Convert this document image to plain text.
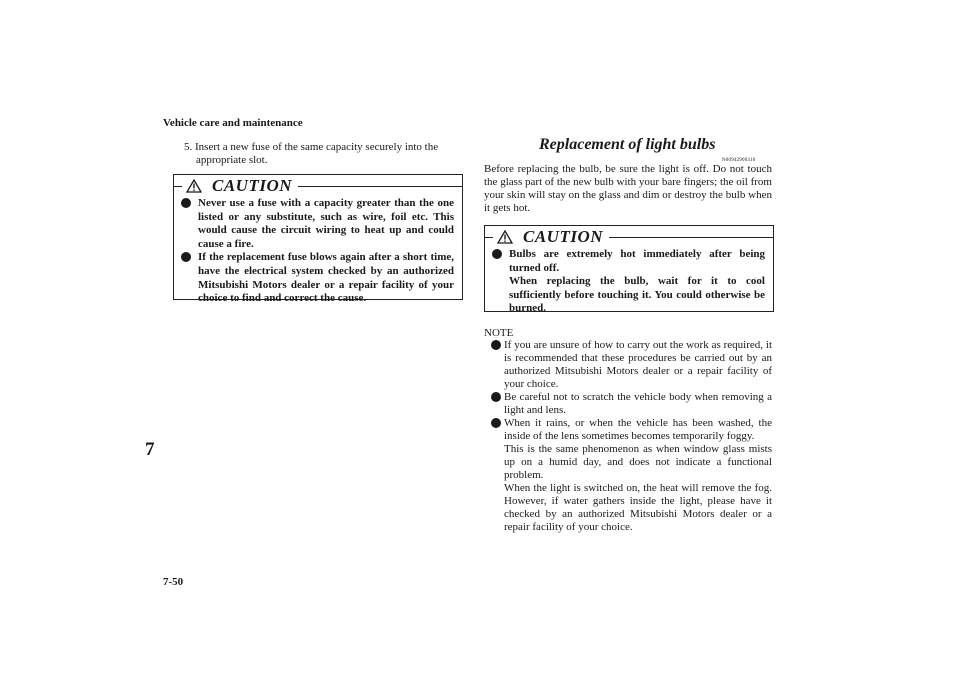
Vehicle care and maintenance
7
7-50
5. Insert a new fuse of the same capacity securely into the
appropriate slot.
CAUTION
Never use a fuse with a capacity greater than the one listed or any substitute, such as wire, foil etc. This would cause the circuit wiring to heat up and could cause a fire.
If the replacement fuse blows again after a short time, have the electrical system checked by an authorized Mitsubishi Motors dealer or a repair facility of your choice to find and correct the cause.
Replacement of light bulbs
N00942900310
Before replacing the bulb, be sure the light is off. Do not touch the glass part of the new bulb with your bare fingers; the oil from your skin will stay on the glass and dim or destroy the bulb when it gets hot.
CAUTION
Bulbs are extremely hot immediately after being turned off.
When replacing the bulb, wait for it to cool sufficiently before touching it. You could otherwise be burned.
NOTE
If you are unsure of how to carry out the work as required, it is recommended that these procedures be carried out by an authorized Mitsubishi Motors dealer or a repair facility of your choice.
Be careful not to scratch the vehicle body when removing a light and lens.
When it rains, or when the vehicle has been washed, the inside of the lens sometimes becomes temporarily foggy.
This is the same phenomenon as when window glass mists up on a humid day, and does not indicate a functional problem.
When the light is switched on, the heat will remove the fog. However, if water gathers inside the light, please have it checked by an authorized Mitsubishi Motors dealer or a repair facility of your choice.
